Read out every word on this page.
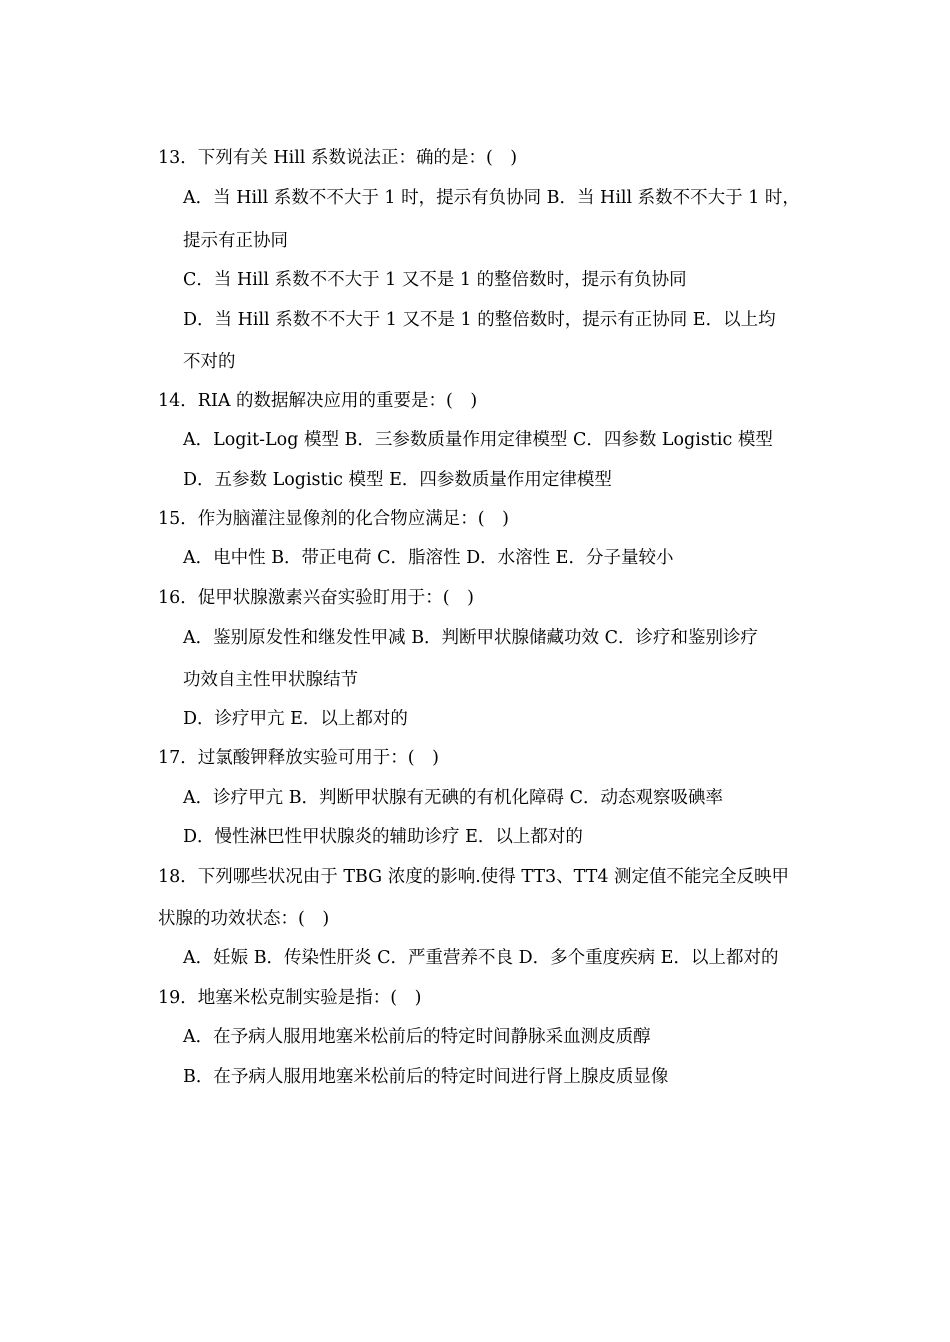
13．下列有关 Hill 系数说法正：确的是：(　)
A．当 Hill 系数不不大于 1 时，提示有负协同 B．当 Hill 系数不不大于 1 时，
提示有正协同
C．当 Hill 系数不不大于 1 又不是 1 的整倍数时，提示有负协同
D．当 Hill 系数不不大于 1 又不是 1 的整倍数时，提示有正协同 E．以上均
不对的
14．RIA 的数据解决应用的重要是：(　)
A．Logit-Log 模型 B．三参数质量作用定律模型 C．四参数 Logistic 模型
D．五参数 Logistic 模型 E．四参数质量作用定律模型
15．作为脑灌注显像剂的化合物应满足：(　)
A．电中性 B．带正电荷 C．脂溶性 D．水溶性 E．分子量较小
16．促甲状腺激素兴奋实验盯用于：(　)
A．鉴别原发性和继发性甲减 B．判断甲状腺储藏功效 C．诊疗和鉴别诊疗
功效自主性甲状腺结节
D．诊疗甲亢 E．以上都对的
17．过氯酸钾释放实验可用于：(　)
A．诊疗甲亢 B．判断甲状腺有无碘的有机化障碍 C．动态观察吸碘率
D．慢性淋巴性甲状腺炎的辅助诊疗 E．以上都对的
18．下列哪些状况由于 TBG 浓度的影响.使得 TT3、TT4 测定值不能完全反映甲
状腺的功效状态：(　)
A．妊娠 B．传染性肝炎 C．严重营养不良 D．多个重度疾病 E．以上都对的
19．地塞米松克制实验是指：(　)
A．在予病人服用地塞米松前后的特定时间静脉采血测皮质醇
B．在予病人服用地塞米松前后的特定时间进行肾上腺皮质显像
